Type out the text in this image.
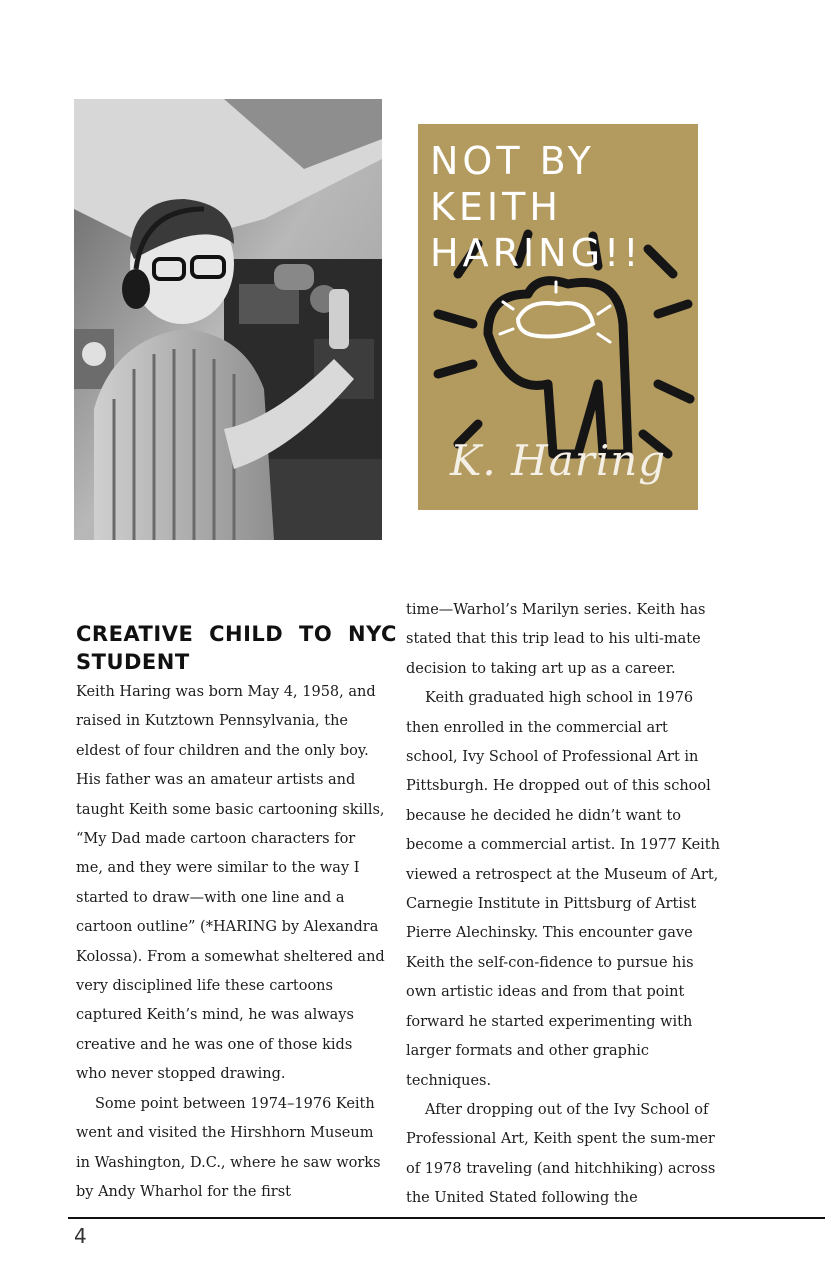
NOT BY
KEITH
HARING!!
K. Haring
CREATIVE CHILD TO NYC
STUDENT

Keith Haring was born May 4, 1958, and raised in Kutztown Pennsylvania, the eldest of four children and the only boy. His father was an amateur artists and taught Keith some basic cartooning skills, “My Dad made cartoon characters for me, and they were similar to the way I started to draw—with one line and a cartoon outline” (*HARING by Alexandra Kolossa). From a somewhat sheltered and very disciplined life these cartoons captured Keith’s mind, he was always creative and he was one of those kids who never stopped drawing.

Some point between 1974–1976 Keith went and visited the Hirshhorn Museum in Washington, D.C., where he saw works by Andy Wharhol for the first

time—Warhol’s Marilyn series. Keith has stated that this trip lead to his ulti-mate decision to taking art up as a career.

Keith graduated high school in 1976 then enrolled in the commercial art school, Ivy School of Professional Art in Pittsburgh. He dropped out of this school because he decided he didn’t want to become a commercial artist. In 1977 Keith viewed a retrospect at the Museum of Art, Carnegie Institute in Pittsburg of Artist Pierre Alechinsky. This encounter gave Keith the self-con-fidence to pursue his own artistic ideas and from that point forward he started experimenting with larger formats and other graphic techniques.

After dropping out of the Ivy School of Professional Art, Keith spent the sum-mer of 1978 traveling (and hitchhiking) across the United Stated following the

4
